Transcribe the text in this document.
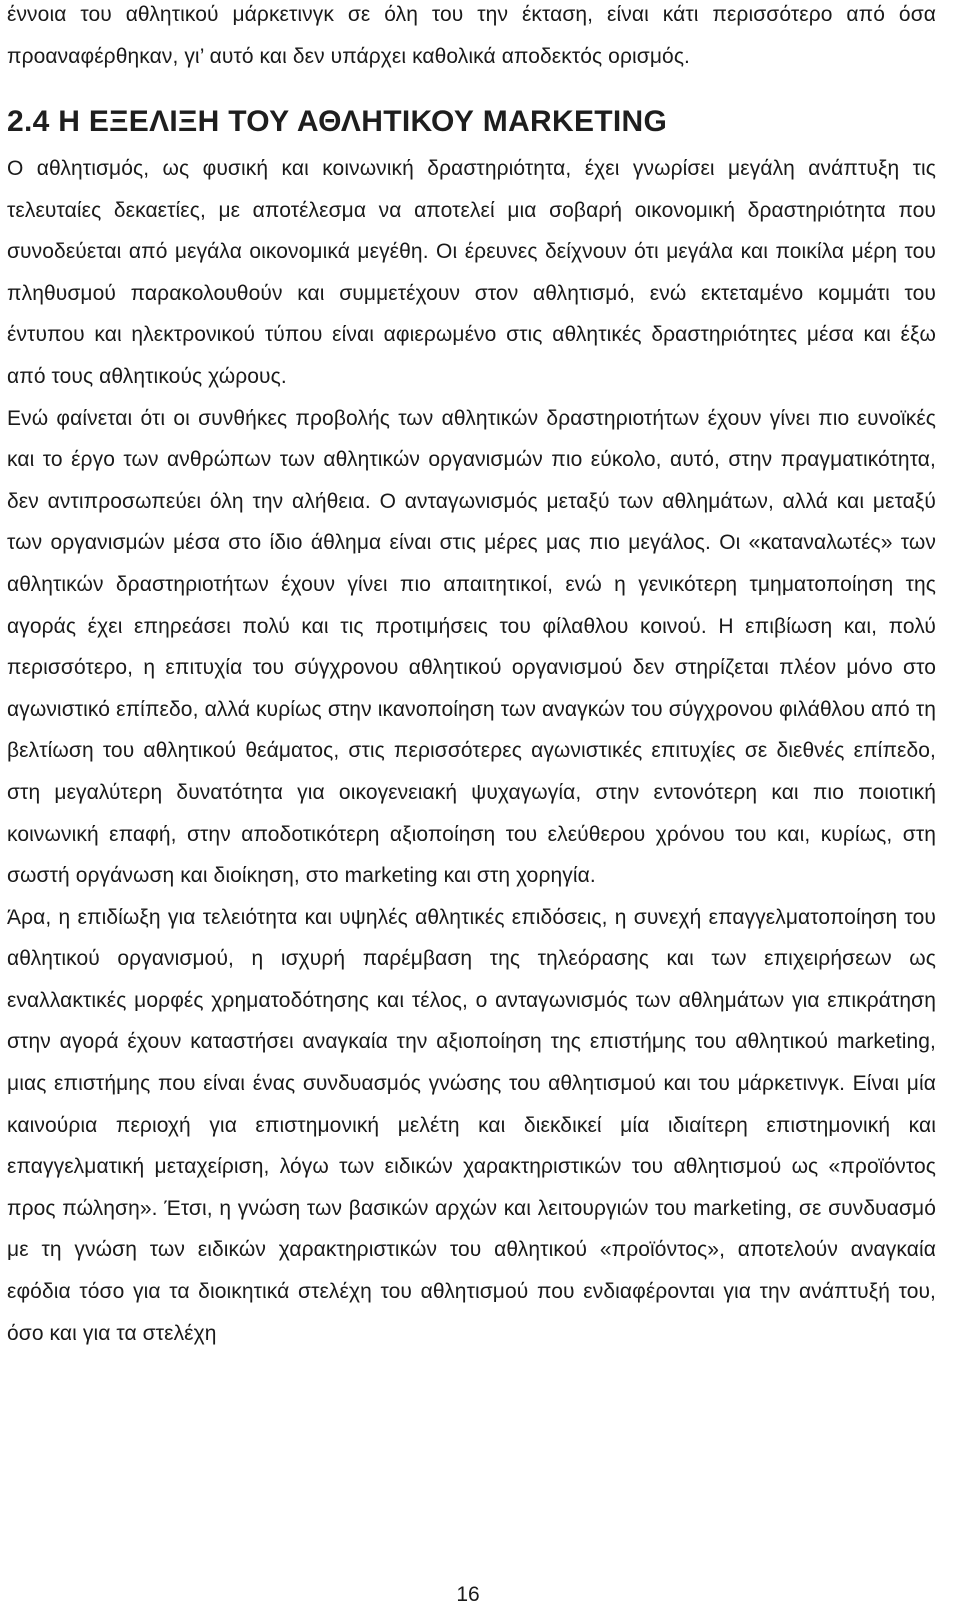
έννοια του αθλητικού μάρκετινγκ σε όλη του την έκταση, είναι κάτι περισσότερο από όσα προαναφέρθηκαν, γι’ αυτό και δεν υπάρχει καθολικά αποδεκτός ορισμός.

2.4 Η ΕΞΕΛΙΞΗ ΤΟΥ ΑΘΛΗΤΙΚΟΥ MARKETING

Ο αθλητισμός, ως φυσική και κοινωνική δραστηριότητα, έχει γνωρίσει μεγάλη ανάπτυξη τις τελευταίες δεκαετίες, με αποτέλεσμα να αποτελεί μια σοβαρή οικονομική δραστηριότητα που συνοδεύεται από μεγάλα οικονομικά μεγέθη. Οι έρευνες δείχνουν ότι μεγάλα και ποικίλα μέρη του πληθυσμού παρακολουθούν και συμμετέχουν στον αθλητισμό, ενώ εκτεταμένο κομμάτι του έντυπου και ηλεκτρονικού τύπου είναι αφιερωμένο στις αθλητικές δραστηριότητες μέσα και έξω από τους αθλητικούς χώρους.

Ενώ φαίνεται ότι οι συνθήκες προβολής των αθλητικών δραστηριοτήτων έχουν γίνει πιο ευνοϊκές και το έργο των ανθρώπων των αθλητικών οργανισμών πιο εύκολο, αυτό, στην πραγματικότητα, δεν αντιπροσωπεύει όλη την αλήθεια. Ο ανταγωνισμός μεταξύ των αθλημάτων, αλλά και μεταξύ των οργανισμών μέσα στο ίδιο άθλημα είναι στις μέρες μας πιο μεγάλος. Οι «καταναλωτές» των αθλητικών δραστηριοτήτων έχουν γίνει πιο απαιτητικοί, ενώ η γενικότερη τμηματοποίηση της αγοράς έχει επηρεάσει πολύ και τις προτιμήσεις του φίλαθλου κοινού. Η επιβίωση και, πολύ περισσότερο, η επιτυχία του σύγχρονου αθλητικού οργανισμού δεν στηρίζεται πλέον μόνο στο αγωνιστικό επίπεδο, αλλά κυρίως στην ικανοποίηση των αναγκών του σύγχρονου φιλάθλου από τη βελτίωση του αθλητικού θεάματος, στις περισσότερες αγωνιστικές επιτυχίες σε διεθνές επίπεδο, στη μεγαλύτερη δυνατότητα για οικογενειακή ψυχαγωγία, στην εντονότερη και πιο ποιοτική κοινωνική επαφή, στην αποδοτικότερη αξιοποίηση του ελεύθερου χρόνου του και, κυρίως, στη σωστή οργάνωση και διοίκηση, στο marketing και στη χορηγία.

Άρα, η επιδίωξη για τελειότητα και υψηλές αθλητικές επιδόσεις, η συνεχή επαγγελματοποίηση του αθλητικού οργανισμού, η ισχυρή παρέμβαση της τηλεόρασης και των επιχειρήσεων ως εναλλακτικές μορφές χρηματοδότησης και τέλος, ο ανταγωνισμός των αθλημάτων για επικράτηση στην αγορά έχουν καταστήσει αναγκαία την αξιοποίηση της επιστήμης του αθλητικού marketing, μιας επιστήμης που είναι ένας συνδυασμός γνώσης του αθλητισμού και του μάρκετινγκ. Είναι μία καινούρια περιοχή για επιστημονική μελέτη και διεκδικεί μία ιδιαίτερη επιστημονική και επαγγελματική μεταχείριση, λόγω των ειδικών χαρακτηριστικών του αθλητισμού ως «προϊόντος προς πώληση». Έτσι, η γνώση των βασικών αρχών και λειτουργιών του marketing, σε συνδυασμό με τη γνώση των ειδικών χαρακτηριστικών του αθλητικού «προϊόντος», αποτελούν αναγκαία εφόδια τόσο για τα διοικητικά στελέχη του αθλητισμού που ενδιαφέρονται για την ανάπτυξή του, όσο και για τα στελέχη

16
